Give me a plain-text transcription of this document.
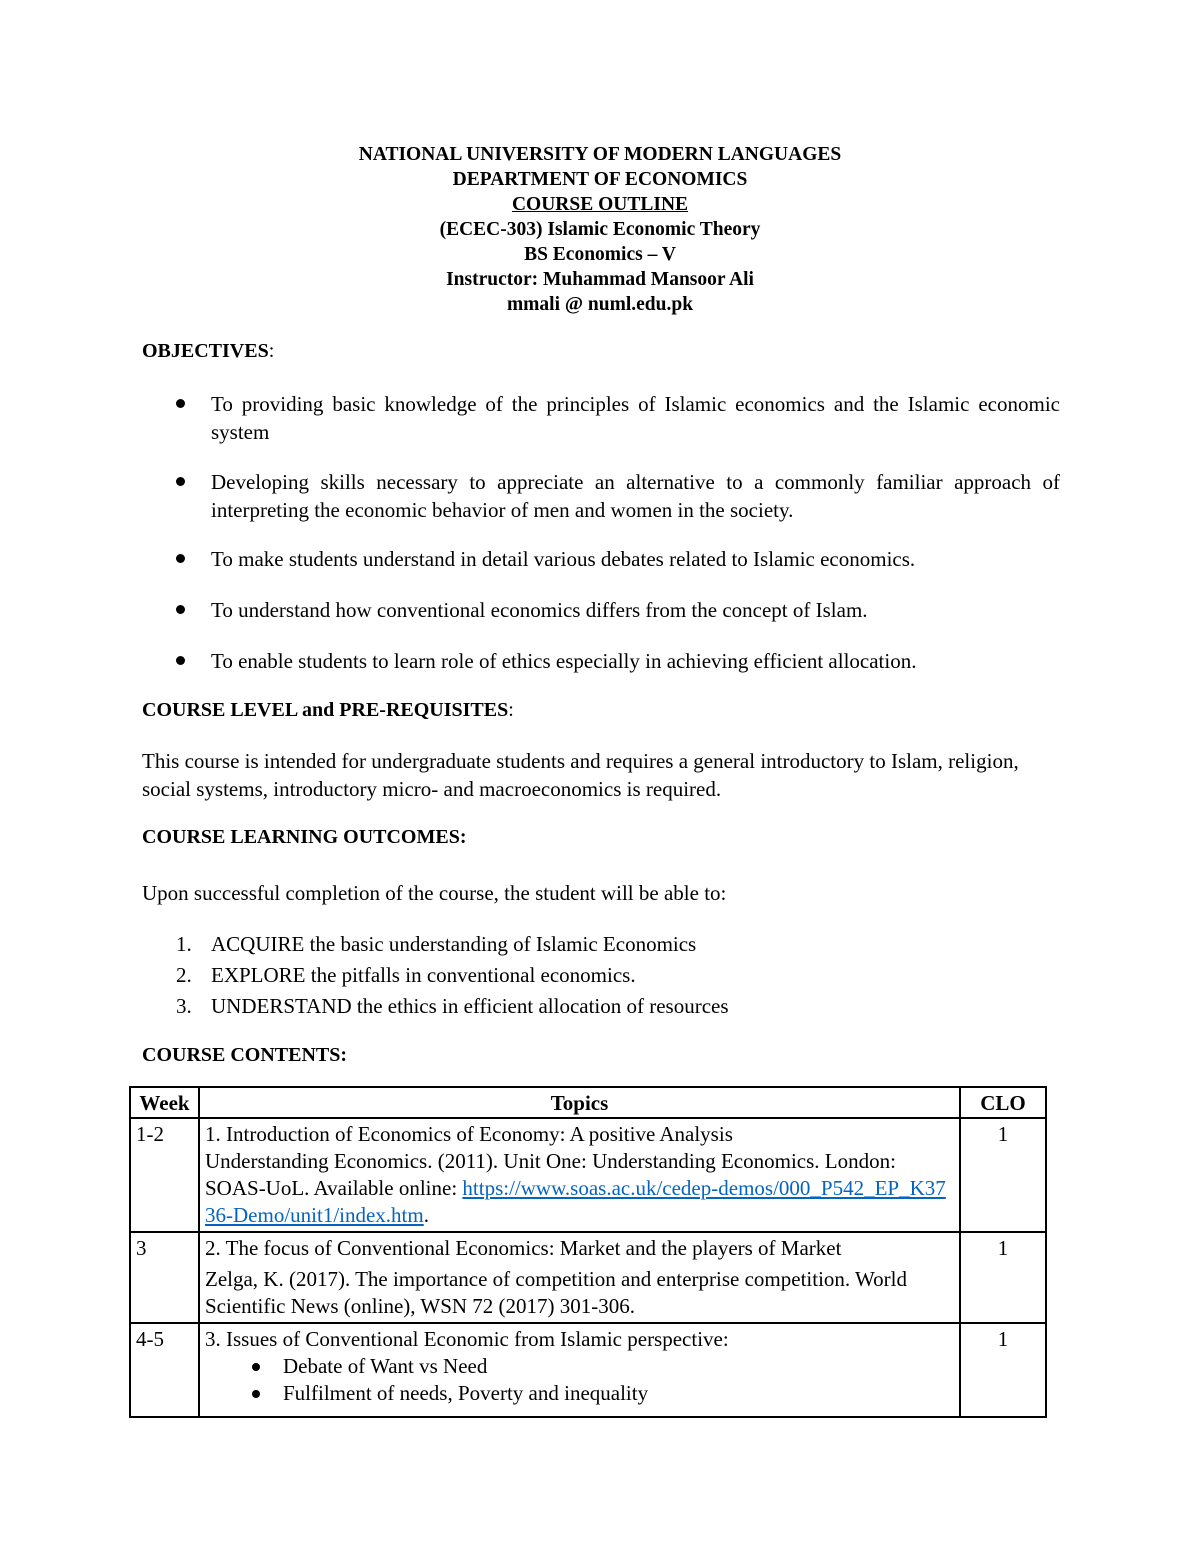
NATIONAL UNIVERSITY OF MODERN LANGUAGES
DEPARTMENT OF ECONOMICS
COURSE OUTLINE
(ECEC-303) Islamic Economic Theory
BS Economics – V
Instructor: Muhammad Mansoor Ali
mmali @ numl.edu.pk
OBJECTIVES:
To providing basic knowledge of the principles of Islamic economics and the Islamic economic system
Developing skills necessary to appreciate an alternative to a commonly familiar approach of interpreting the economic behavior of men and women in the society.
To make students understand in detail various debates related to Islamic economics.
To understand how conventional economics differs from the concept of Islam.
To enable students to learn role of ethics especially in achieving efficient allocation.
COURSE LEVEL and PRE-REQUISITES:
This course is intended for undergraduate students and requires a general introductory to Islam, religion, social systems, introductory micro- and macroeconomics is required.
COURSE LEARNING OUTCOMES:
Upon successful completion of the course, the student will be able to:
1. ACQUIRE the basic understanding of Islamic Economics
2. EXPLORE the pitfalls in conventional economics.
3. UNDERSTAND the ethics in efficient allocation of resources
COURSE CONTENTS:
Week	Topics	CLO
1-2	1. Introduction of Economics of Economy: A positive Analysis
Understanding Economics. (2011). Unit One: Understanding Economics. London: SOAS-UoL. Available online: https://www.soas.ac.uk/cedep-demos/000_P542_EP_K3736-Demo/unit1/index.htm.	1
3	2. The focus of Conventional Economics: Market and the players of Market
Zelga, K. (2017). The importance of competition and enterprise competition. World Scientific News (online), WSN 72 (2017) 301-306.	1
4-5	3. Issues of Conventional Economic from Islamic perspective:
Debate of Want vs Need
Fulfilment of needs, Poverty and inequality	1
